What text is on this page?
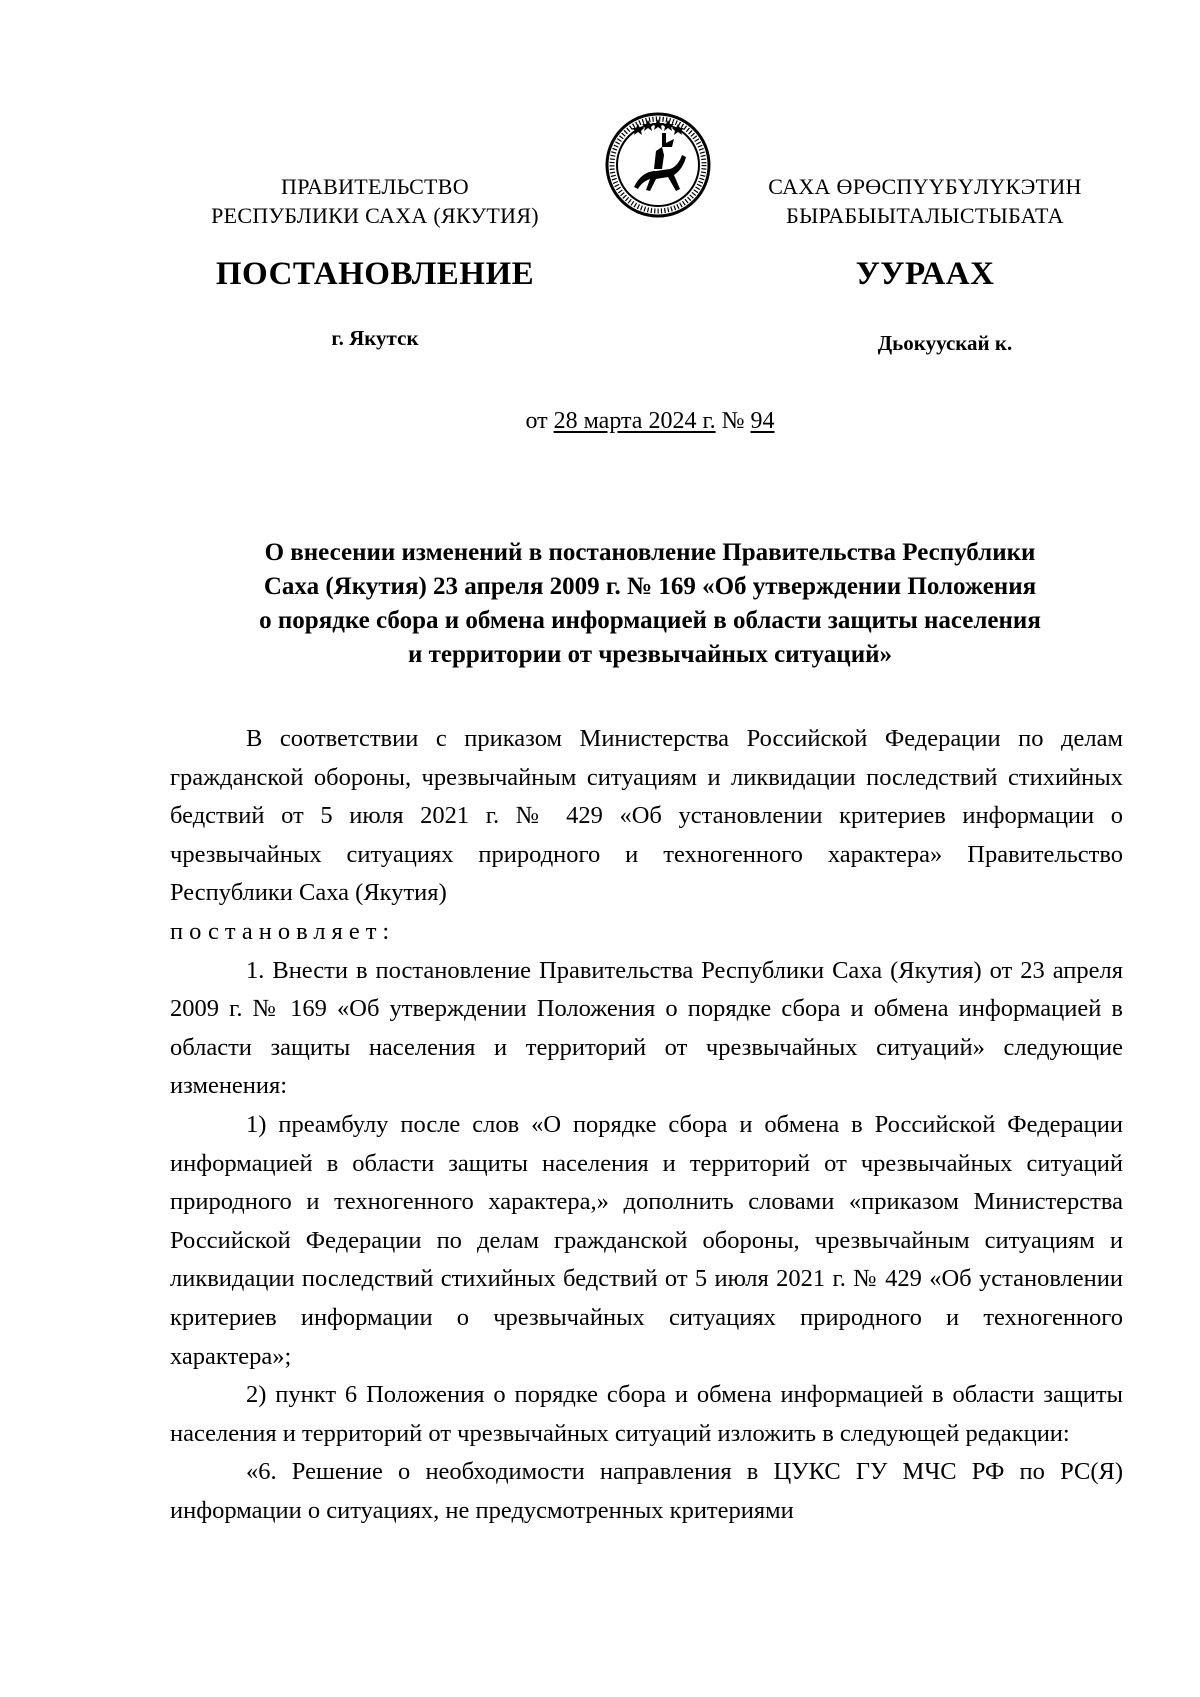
ПРАВИТЕЛЬСТВО
РЕСПУБЛИКИ САХА (ЯКУТИЯ)
САХА ӨРӨСПҮҮБҮЛҮКЭТИН
БЫРАБЫЫТАЛЫСТЫБАТА
ПОСТАНОВЛЕНИЕ	УУРААХ
г. Якутск	Дьокуускай к.
от 28 марта 2024 г. № 94
О внесении изменений в постановление Правительства Республики
Саха (Якутия) 23 апреля 2009 г. № 169 «Об утверждении Положения
о порядке сбора и обмена информацией в области защиты населения
и территории от чрезвычайных ситуаций»

В соответствии с приказом Министерства Российской Федерации по делам гражданской обороны, чрезвычайным ситуациям и ликвидации последствий стихийных бедствий от 5 июля 2021 г. № 429 «Об установлении критериев информации о чрезвычайных ситуациях природного и техногенного характера» Правительство Республики Саха (Якутия)
постановляет:

1. Внести в постановление Правительства Республики Саха (Якутия) от 23 апреля 2009 г. № 169 «Об утверждении Положения о порядке сбора и обмена информацией в области защиты населения и территорий от чрезвычайных ситуаций» следующие изменения:

1) преамбулу после слов «О порядке сбора и обмена в Российской Федерации информацией в области защиты населения и территорий от чрезвычайных ситуаций природного и техногенного характера,» дополнить словами «приказом Министерства Российской Федерации по делам гражданской обороны, чрезвычайным ситуациям и ликвидации последствий стихийных бедствий от 5 июля 2021 г. № 429 «Об установлении критериев информации о чрезвычайных ситуациях природного и техногенного характера»;

2) пункт 6 Положения о порядке сбора и обмена информацией в области защиты населения и территорий от чрезвычайных ситуаций изложить в следующей редакции:

«6. Решение о необходимости направления в ЦУКС ГУ МЧС РФ по РС(Я) информации о ситуациях, не предусмотренных критериями
